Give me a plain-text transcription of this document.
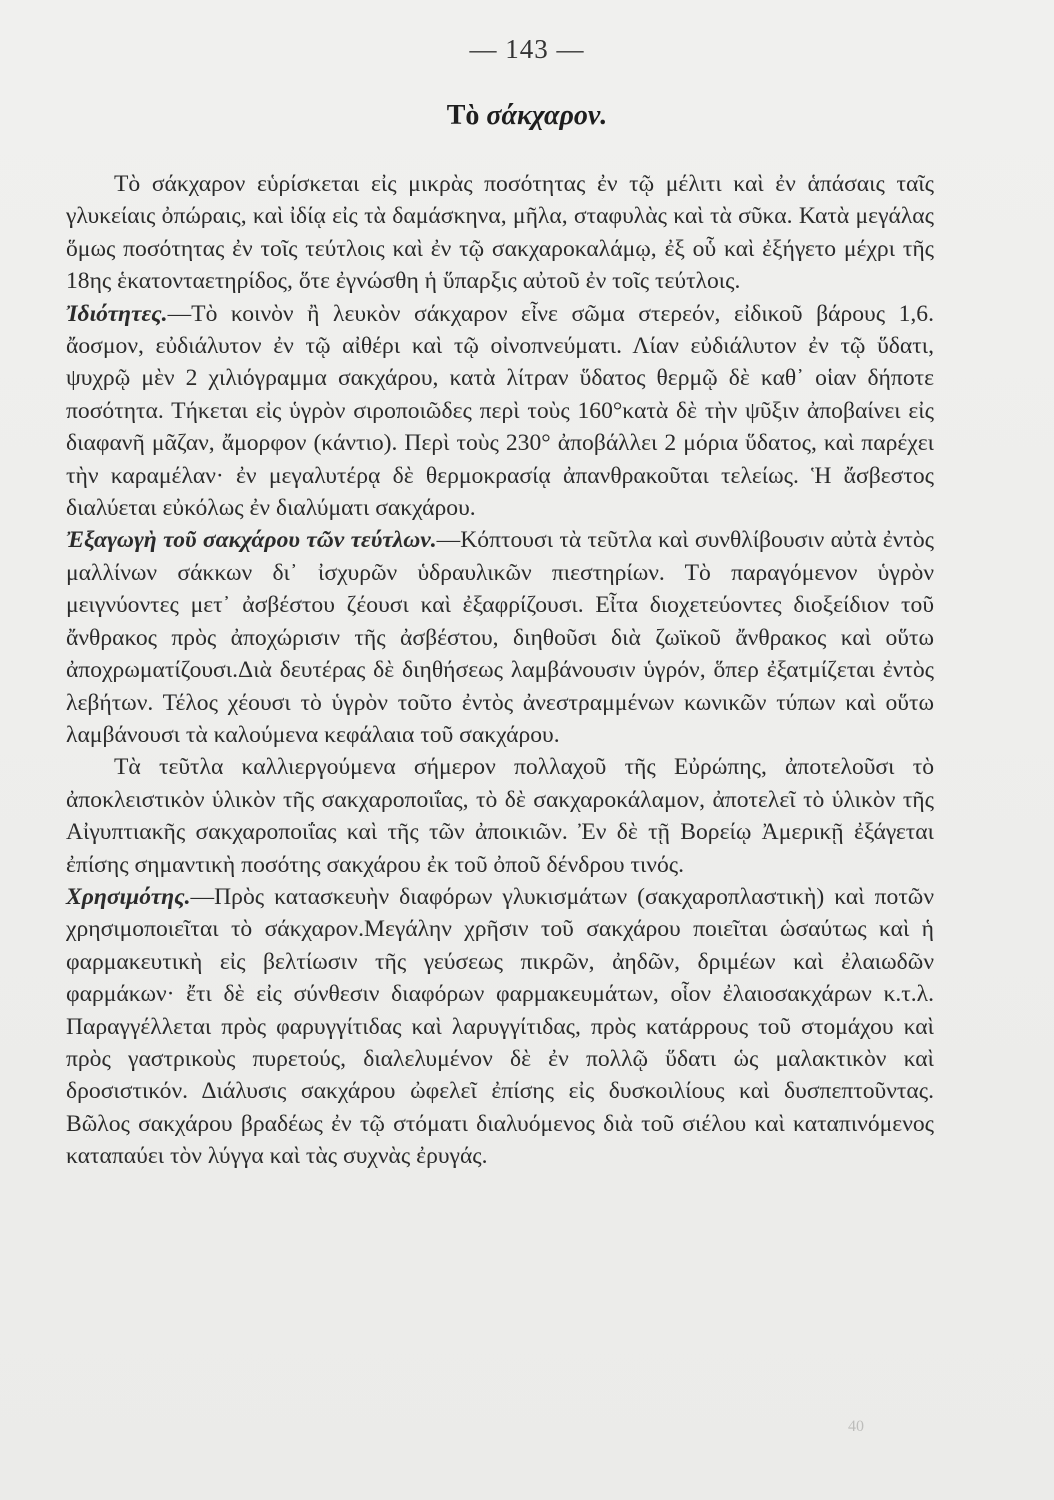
— 143 —
Τὸ σάκχαρον.

Τὸ σάκχαρον εὑρίσκεται εἰς μικρὰς ποσότητας ἐν τῷ μέλιτι καὶ ἐν ἁπάσαις ταῖς γλυκείαις ὀπώραις, καὶ ἰδίᾳ εἰς τὰ δαμάσκηνα, μῆλα, σταφυλὰς καὶ τὰ σῦκα. Κατὰ μεγάλας ὅμως ποσότητας ἐν τοῖς τεύτλοις καὶ ἐν τῷ σακχαροκαλάμῳ, ἐξ οὗ καὶ ἐξήγετο μέχρι τῆς 18ης ἑκατονταετηρίδος, ὅτε ἐγνώσθη ἡ ὕπαρξις αὐτοῦ ἐν τοῖς τεύτλοις.

Ἰδιότητες.—Τὸ κοινὸν ἢ λευκὸν σάκχαρον εἶνε σῶμα στερεόν, εἰδικοῦ βάρους 1,6. ἄοσμον, εὐδιάλυτον ἐν τῷ αἰθέρι καὶ τῷ οἰνοπνεύματι. Λίαν εὐδιάλυτον ἐν τῷ ὕδατι, ψυχρῷ μὲν 2 χιλιόγραμμα σακχάρου, κατὰ λίτραν ὕδατος θερμῷ δὲ καθ᾽ οἱαν δήποτε ποσότητα. Τήκεται εἰς ὑγρὸν σιροποιῶδες περὶ τοὺς 160°κατὰ δὲ τὴν ψῦξιν ἀποβαίνει εἰς διαφανῆ μᾶζαν, ἄμορφον (κάντιο). Περὶ τοὺς 230° ἀποβάλλει 2 μόρια ὕδατος, καὶ παρέχει τὴν καραμέλαν· ἐν μεγαλυτέρᾳ δὲ θερμοκρασίᾳ ἀπανθρακοῦται τελείως. Ἡ ἄσβεστος διαλύεται εὐκόλως ἐν διαλύματι σακχάρου.

Ἐξαγωγὴ τοῦ σακχάρου τῶν τεύτλων.—Κόπτουσι τὰ τεῦτλα καὶ συνθλίβουσιν αὐτὰ ἐντὸς μαλλίνων σάκκων δι᾽ ἰσχυρῶν ὑδραυλικῶν πιεστηρίων. Τὸ παραγόμενον ὑγρὸν μειγνύοντες μετ᾽ ἀσβέστου ζέουσι καὶ ἐξαφρίζουσι. Εἶτα διοχετεύοντες διοξείδιον τοῦ ἄνθρακος πρὸς ἀποχώρισιν τῆς ἀσβέστου, διηθοῦσι διὰ ζωϊκοῦ ἄνθρακος καὶ οὕτω ἀποχρωματίζουσι.Διὰ δευτέρας δὲ διηθήσεως λαμβάνουσιν ὑγρόν, ὅπερ ἐξατμίζεται ἐντὸς λεβήτων. Τέλος χέουσι τὸ ὑγρὸν τοῦτο ἐντὸς ἀνεστραμμένων κωνικῶν τύπων καὶ οὕτω λαμβάνουσι τὰ καλούμενα κεφάλαια τοῦ σακχάρου.

Τὰ τεῦτλα καλλιεργούμενα σήμερον πολλαχοῦ τῆς Εὐρώπης, ἀποτελοῦσι τὸ ἀποκλειστικὸν ὑλικὸν τῆς σακχαροποιΐας, τὸ δὲ σακχαροκάλαμον, ἀποτελεῖ τὸ ὑλικὸν τῆς Αἰγυπτιακῆς σακχαροποιΐας καὶ τῆς τῶν ἀποικιῶν. Ἐν δὲ τῇ Βορείῳ Ἀμερικῇ ἐξάγεται ἐπίσης σημαντικὴ ποσότης σακχάρου ἐκ τοῦ ὀποῦ δένδρου τινός.

Χρησιμότης.—Πρὸς κατασκευὴν διαφόρων γλυκισμάτων (σακχαροπλαστικὴ) καὶ ποτῶν χρησιμοποιεῖται τὸ σάκχαρον.Μεγάλην χρῆσιν τοῦ σακχάρου ποιεῖται ὡσαύτως καὶ ἡ φαρμακευτικὴ εἰς βελτίωσιν τῆς γεύσεως πικρῶν, ἀηδῶν, δριμέων καὶ ἐλαιωδῶν φαρμάκων· ἔτι δὲ εἰς σύνθεσιν διαφόρων φαρμακευμάτων, οἷον ἐλαιοσακχάρων κ.τ.λ. Παραγγέλλεται πρὸς φαρυγγίτιδας καὶ λαρυγγίτιδας, πρὸς κατάρρους τοῦ στομάχου καὶ πρὸς γαστρικοὺς πυρετούς, διαλελυμένον δὲ ἐν πολλῷ ὕδατι ὡς μαλακτικὸν καὶ δροσιστικόν. Διάλυσις σακχάρου ὠφελεῖ ἐπίσης εἰς δυσκοιλίους καὶ δυσπεπτοῦντας. Βῶλος σακχάρου βραδέως ἐν τῷ στόματι διαλυόμενος διὰ τοῦ σιέλου καὶ καταπινόμενος καταπαύει τὸν λύγγα καὶ τὰς συχνὰς ἐρυγάς.

40
